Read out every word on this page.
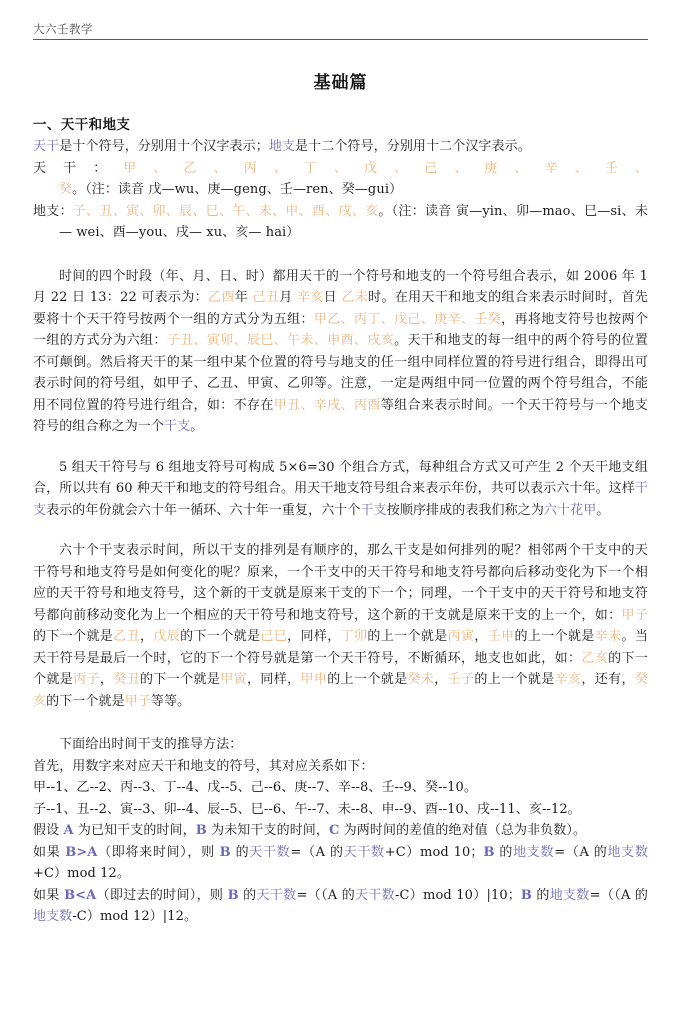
大六壬教学
基础篇
一、天干和地支

天干是十个符号，分别用十个汉字表示；地支是十二个符号，分别用十二个汉字表示。

天干：甲、乙、丙、丁、戊、己、庚、辛、壬、癸。（注：读音 戊—wu、庚—geng、壬—ren、癸—gui）

地支：子、丑、寅、卯、辰、巳、午、未、申、酉、戌、亥。（注：读音 寅—yin、卯—mao、巳—si、未— wei、酉—you、戌— xu、亥— hai）

时间的四个时段（年、月、日、时）都用天干的一个符号和地支的一个符号组合表示，如 2006 年 1 月 22 日 13：22 可表示为：乙酉年 己丑月 辛亥日 乙未时。在用天干和地支的组合来表示时间时，首先要将十个天干符号按两个一组的方式分为五组：甲乙、丙丁、戊己、庚辛、壬癸，再将地支符号也按两个一组的方式分为六组：子丑、寅卯、辰巳、午未、申酉、戌亥。天干和地支的每一组中的两个符号的位置不可颠倒。然后将天干的某一组中某个位置的符号与地支的任一组中同样位置的符号进行组合，即得出可表示时间的符号组，如甲子、乙丑、甲寅、乙卯等。注意，一定是两组中同一位置的两个符号组合，不能用不同位置的符号进行组合，如：不存在甲丑、辛戌、丙酉等组合来表示时间。一个天干符号与一个地支符号的组合称之为一个干支。

5 组天干符号与 6 组地支符号可构成 5×6=30 个组合方式，每种组合方式又可产生 2 个天干地支组合，所以共有 60 种天干和地支的符号组合。用天干地支符号组合来表示年份，共可以表示六十年。这样干支表示的年份就会六十年一循环、六十年一重复，六十个干支按顺序排成的表我们称之为六十花甲。

六十个干支表示时间，所以干支的排列是有顺序的，那么干支是如何排列的呢？相邻两个干支中的天干符号和地支符号是如何变化的呢？原来，一个干支中的天干符号和地支符号都向后移动变化为下一个相应的天干符号和地支符号，这个新的干支就是原来干支的下一个；同理，一个干支中的天干符号和地支符号都向前移动变化为上一个相应的天干符号和地支符号，这个新的干支就是原来干支的上一个，如：甲子的下一个就是乙丑，戊辰的下一个就是己巳，同样，丁卯的上一个就是丙寅，壬申的上一个就是辛未。当天干符号是最后一个时，它的下一个符号就是第一个天干符号，不断循环，地支也如此，如：乙亥的下一个就是丙子，癸丑的下一个就是甲寅，同样，甲申的上一个就是癸未，壬子的上一个就是辛亥，还有，癸亥的下一个就是甲子等等。

下面给出时间干支的推导方法：

首先，用数字来对应天干和地支的符号，其对应关系如下：

甲--1、乙--2、丙--3、丁--4、戊--5、己--6、庚--7、辛--8、壬--9、癸--10。

子--1、丑--2、寅--3、卯--4、辰--5、巳--6、午--7、未--8、申--9、酉--10、戌--11、亥--12。

假设 A 为已知干支的时间，B 为未知干支的时间，C 为两时间的差值的绝对值（总为非负数）。

如果 B>A（即将来时间），则 B 的天干数=（A 的天干数+C）mod 10；B 的地支数=（A 的地支数+C）mod 12。

如果 B<A（即过去的时间），则 B 的天干数=（（A 的天干数-C）mod 10）|10；B 的地支数=（（A 的地支数-C）mod 12）|12。
